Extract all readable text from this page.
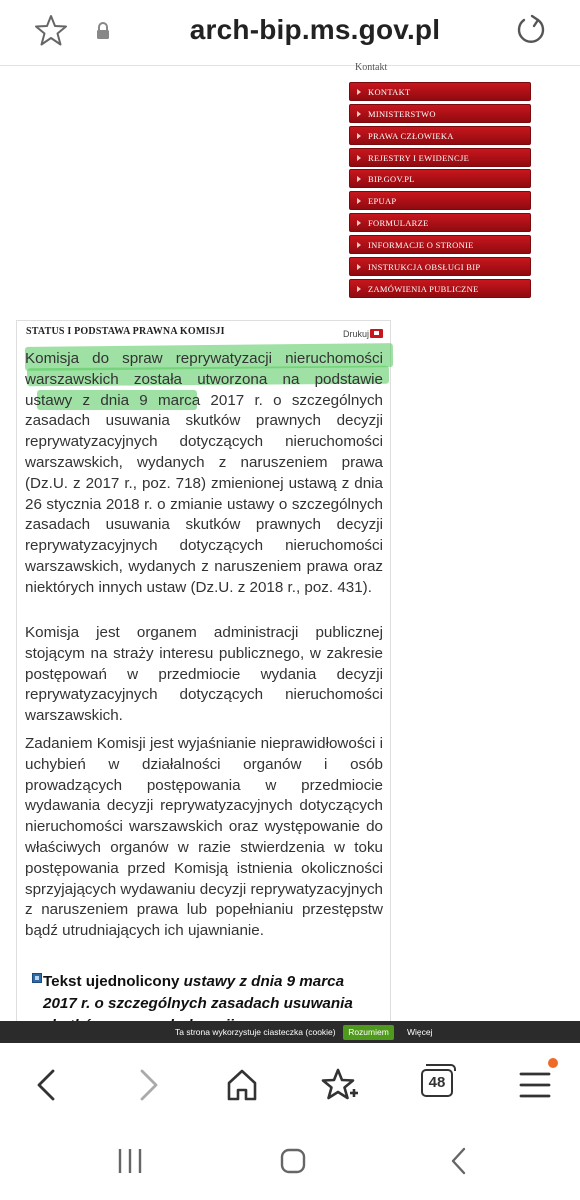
arch-bip.ms.gov.pl
Kontakt
KONTAKT
MINISTERSTWO
PRAWA CZŁOWIEKA
REJESTRY I EWIDENCJE
BIP.GOV.PL
EPUAP
FORMULARZE
INFORMACJE O STRONIE
INSTRUKCJA OBSŁUGI BIP
ZAMÓWIENIA PUBLICZNE
STATUS I PODSTAWA PRAWNA KOMISJI	Drukuj
Komisja do spraw reprywatyzacji nieruchomości warszawskich została utworzona na podstawie ustawy z dnia 9 marca 2017 r. o szczególnych zasadach usuwania skutków prawnych decyzji reprywatyzacyjnych dotyczących nieruchomości warszawskich, wydanych z naruszeniem prawa (Dz.U. z 2017 r., poz. 718) zmienionej ustawą z dnia 26 stycznia 2018 r. o zmianie ustawy o szczególnych zasadach usuwania skutków prawnych decyzji reprywatyzacyjnych dotyczących nieruchomości warszawskich, wydanych z naruszeniem prawa oraz niektórych innych ustaw (Dz.U. z 2018 r., poz. 431).
Komisja jest organem administracji publicznej stojącym na straży interesu publicznego, w zakresie postępowań w przedmiocie wydania decyzji reprywatyzacyjnych dotyczących nieruchomości warszawskich.
Zadaniem Komisji jest wyjaśnianie nieprawidłowości i uchybień w działalności organów i osób prowadzących postępowania w przedmiocie wydawania decyzji reprywatyzacyjnych dotyczących nieruchomości warszawskich oraz występowanie do właściwych organów w razie stwierdzenia w toku postępowania przed Komisją istnienia okoliczności sprzyjających wydawaniu decyzji reprywatyzacyjnych z naruszeniem prawa lub popełnianiu przestępstw bądź utrudniających ich ujawnianie.
Tekst ujednolicony ustawy z dnia 9 marca 2017 r. o szczególnych zasadach usuwania
Ta strona wykorzystuje ciasteczka (cookie)	Rozumiem	Więcej
48
